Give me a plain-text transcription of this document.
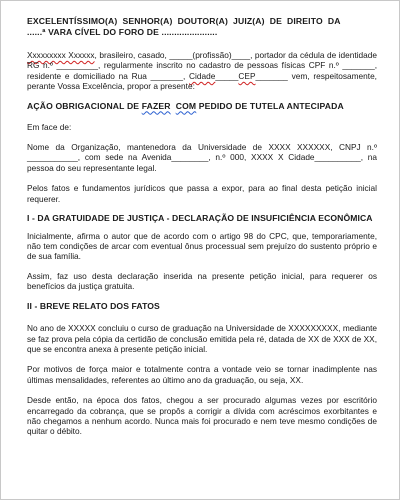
EXCELENTÍSSIMO(A)  SENHOR(A)  DOUTOR(A)  JUIZ(A)  DE  DIREITO  DA
......ª VARA CÍVEL DO FORO DE ......................

Xxxxxxxxx Xxxxxx, brasileiro, casado, _____(profissão)____, portador da cédula de identidade RG n.º _________, regularmente inscrito no cadastro de pessoas físicas CPF n.º _______, residente e domiciliado na Rua _______, Cidade_____CEP_______ vem, respeitosamente, perante Vossa Excelência, propor a presente:

AÇÃO OBRIGACIONAL DE FAZER COM PEDIDO DE TUTELA ANTECIPADA

Em face de:

Nome da Organização, mantenedora da Universidade de XXXX XXXXXX, CNPJ n.º ___________, com sede na Avenida________, n.º 000, XXXX X Cidade__________, na pessoa do seu representante legal.

Pelos fatos e fundamentos jurídicos que passa a expor, para ao final desta petição inicial requerer.

I - DA GRATUIDADE DE JUSTIÇA - DECLARAÇÃO DE INSUFICIÊNCIA ECONÔMICA

Inicialmente, afirma o autor que de acordo com o artigo 98 do CPC, que, temporariamente, não tem condições de arcar com eventual ônus processual sem prejuízo do sustento próprio e de sua família.

Assim, faz uso desta declaração inserida na presente petição inicial, para requerer os benefícios da justiça gratuita.

II - BREVE RELATO DOS FATOS

No ano de XXXXX concluiu o curso de graduação na Universidade de XXXXXXXXX, mediante se faz prova pela cópia da certidão de conclusão emitida pela ré, datada de XX de XXX de XX, que se encontra anexa à presente petição inicial.

Por motivos de força maior e totalmente contra a vontade veio se tornar inadimplente nas últimas mensalidades, referentes ao último ano da graduação, ou seja, XX.

Desde então, na época dos fatos, chegou a ser procurado algumas vezes por escritório encarregado da cobrança, que se propôs a corrigir a dívida com acréscimos exorbitantes e não chegamos a nenhum acordo. Nunca mais foi procurado e nem teve mesmo condições de quitar o débito.
